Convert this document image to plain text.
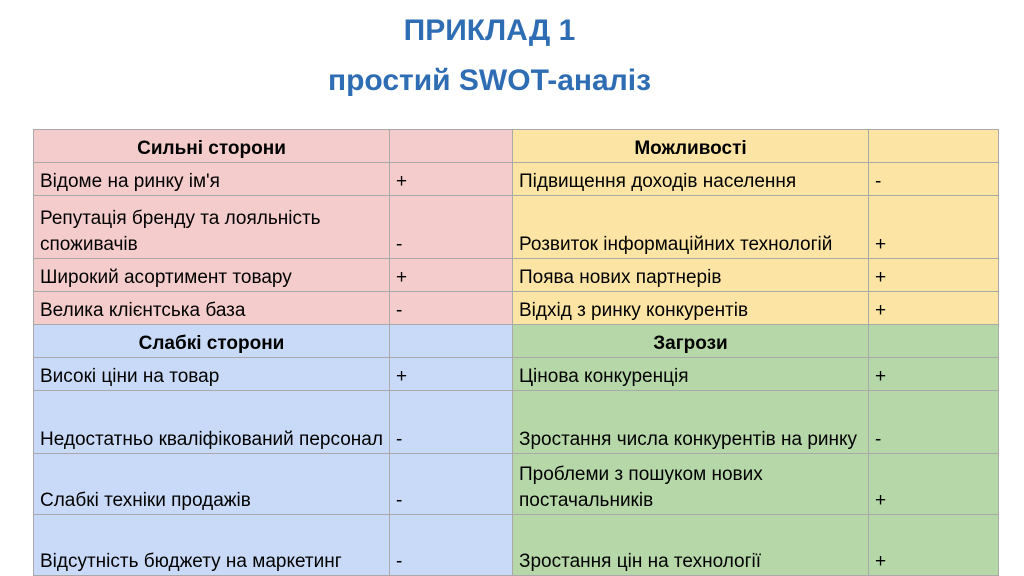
ПРИКЛАД 1
простий SWOT-аналіз
Сильні сторони		Можливості	
Відоме на ринку ім'я	+	Підвищення доходів населення	-
Репутація бренду та лояльність споживачів	-	Розвиток інформаційних технологій	+
Широкий асортимент товару	+	Поява нових партнерів	+
Велика клієнтська база	-	Відхід з ринку конкурентів	+
Слабкі сторони		Загрози	
Високі ціни на товар	+	Цінова конкуренція	+
Недостатньо кваліфікований персонал	-	Зростання числа конкурентів на ринку	-
Слабкі техніки продажів	-	Проблеми з пошуком нових постачальників	+
Відсутність бюджету на маркетинг	-	Зростання цін на технології	+
